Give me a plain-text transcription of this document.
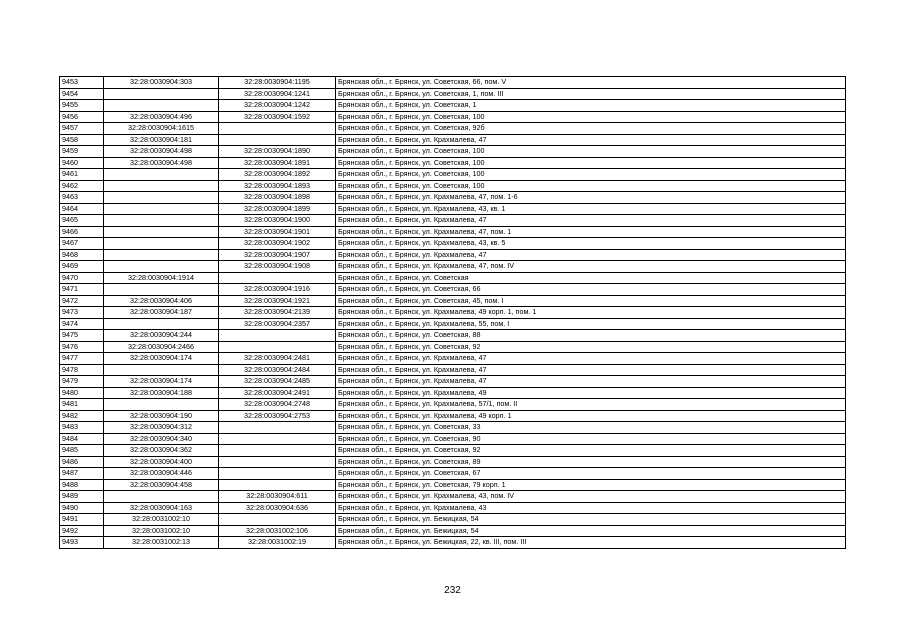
9453	32:28:0030904:303	32:28:0030904:1195	Брянская обл., г. Брянск, ул. Советская, 66, пом. V
9454		32:28:0030904:1241	Брянская обл., г. Брянск, ул. Советская, 1, пом. III
9455		32:28:0030904:1242	Брянская обл., г. Брянск, ул. Советская, 1
9456	32:28:0030904:496	32:28:0030904:1592	Брянская обл., г. Брянск, ул. Советская, 100
9457	32:28:0030904:1615		Брянская обл., г. Брянск, ул. Советская, 92б
9458	32:28:0030904:181		Брянская обл., г. Брянск, ул. Крахмалева, 47
9459	32:28:0030904:498	32:28:0030904:1890	Брянская обл., г. Брянск, ул. Советская, 100
9460	32:28:0030904:498	32:28:0030904:1891	Брянская обл., г. Брянск, ул. Советская, 100
9461		32:28:0030904:1892	Брянская обл., г. Брянск, ул. Советская, 100
9462		32:28:0030904:1893	Брянская обл., г. Брянск, ул. Советская, 100
9463		32:28:0030904:1898	Брянская обл., г. Брянск, ул. Крахмалева, 47, пом. 1-6
9464		32:28:0030904:1899	Брянская обл., г. Брянск, ул. Крахмалева, 43, кв. 1
9465		32:28:0030904:1900	Брянская обл., г. Брянск, ул. Крахмалева, 47
9466		32:28:0030904:1901	Брянская обл., г. Брянск, ул. Крахмалева, 47, пом. 1
9467		32:28:0030904:1902	Брянская обл., г. Брянск, ул. Крахмалева, 43, кв. 5
9468		32:28:0030904:1907	Брянская обл., г. Брянск, ул. Крахмалева, 47
9469		32:28:0030904:1908	Брянская обл., г. Брянск, ул. Крахмалева, 47, пом. IV
9470	32:28:0030904:1914		Брянская обл., г. Брянск, ул. Советская
9471		32:28:0030904:1916	Брянская обл., г. Брянск, ул. Советская, 66
9472	32:28:0030904:406	32:28:0030904:1921	Брянская обл., г. Брянск, ул. Советская, 45, пом. I
9473	32:28:0030904:187	32:28:0030904:2139	Брянская обл., г. Брянск, ул. Крахмалева, 49 корп. 1, пом. 1
9474		32:28:0030904:2357	Брянская обл., г. Брянск, ул. Крахмалева, 55, пом. I
9475	32:28:0030904:244		Брянская обл., г. Брянск, ул. Советская, 88
9476	32:28:0030904:2466		Брянская обл., г. Брянск, ул. Советская, 92
9477	32:28:0030904:174	32:28:0030904:2481	Брянская обл., г. Брянск, ул. Крахмалева, 47
9478		32:28:0030904:2484	Брянская обл., г. Брянск, ул. Крахмалева, 47
9479	32:28:0030904:174	32:28:0030904:2485	Брянская обл., г. Брянск, ул. Крахмалева, 47
9480	32:28:0030904:188	32:28:0030904:2491	Брянская обл., г. Брянск, ул. Крахмалева, 49
9481		32:28:0030904:2748	Брянская обл., г. Брянск, ул. Крахмалева, 57/1, пом. II
9482	32:28:0030904:190	32:28:0030904:2753	Брянская обл., г. Брянск, ул. Крахмалева, 49 корп. 1
9483	32:28:0030904:312		Брянская обл., г. Брянск, ул. Советская, 33
9484	32:28:0030904:340		Брянская обл., г. Брянск, ул. Советская, 90
9485	32:28:0030904:362		Брянская обл., г. Брянск, ул. Советская, 92
9486	32:28:0030904:400		Брянская обл., г. Брянск, ул. Советская, 89
9487	32:28:0030904:446		Брянская обл., г. Брянск, ул. Советская, 67
9488	32:28:0030904:458		Брянская обл., г. Брянск, ул. Советская, 79 корп. 1
9489		32:28:0030904:611	Брянская обл., г. Брянск, ул. Крахмалева, 43, пом. IV
9490	32:28:0030904:163	32:28:0030904:636	Брянская обл., г. Брянск, ул. Крахмалева, 43
9491	32:28:0031002:10		Брянская обл., г. Брянск, ул. Бежицкая, 54
9492	32:28:0031002:10	32:28:0031002:106	Брянская обл., г. Брянск, ул. Бежицкая, 54
9493	32:28:0031002:13	32:28:0031002:19	Брянская обл., г. Брянск, ул. Бежицкая, 22, кв. III, пом. III
232
